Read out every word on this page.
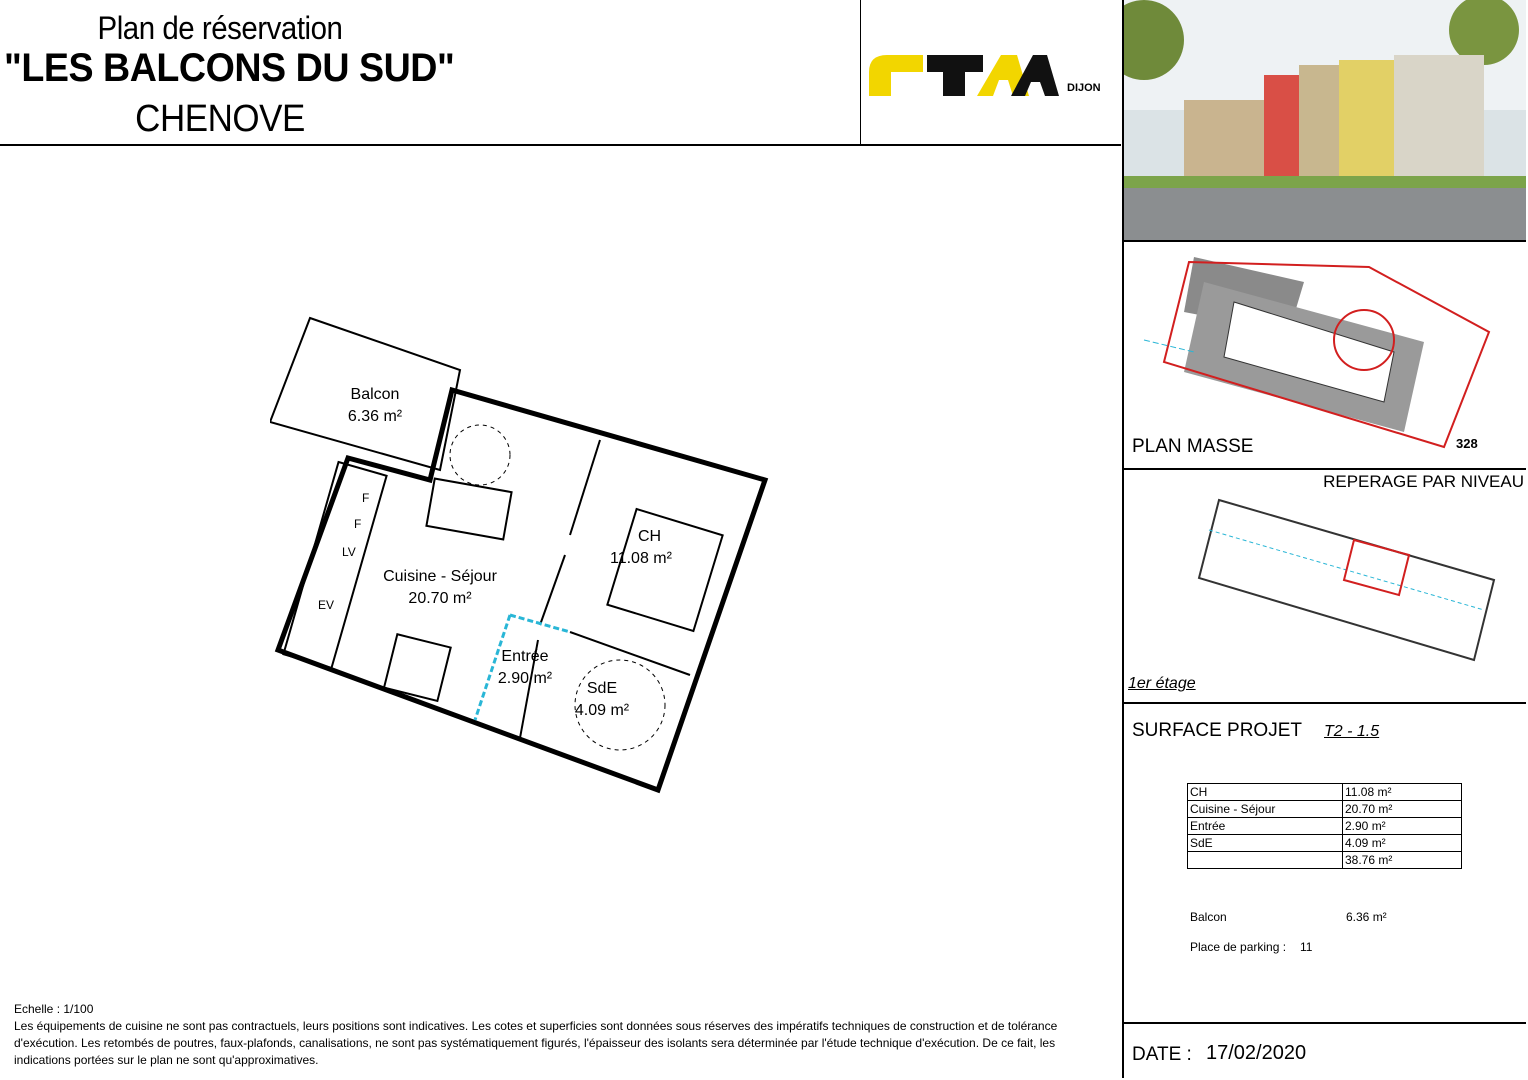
Plan de réservation
"LES BALCONS DU SUD"
CHENOVE
DIJON
Balcon
6.36 m²
Cuisine - Séjour
20.70 m²
CH
11.08 m²
Entrée
2.90 m²
SdE
4.09 m²
F
F
LV
EV
PLAN MASSE	328
REPERAGE PAR NIVEAU
1er étage
SURFACE PROJET T2 - 1.5
CH	11.08 m²
Cuisine - Séjour	20.70 m²
Entrée	2.90 m²
SdE	4.09 m²
	38.76 m²
Balcon	6.36 m²
Place de parking : 11
DATE : 17/02/2020
Echelle : 1/100
Les équipements de cuisine ne sont pas contractuels, leurs positions sont indicatives. Les cotes et superficies sont données sous réserves des impératifs techniques de construction et de tolérance d'exécution. Les retombés de poutres, faux-plafonds, canalisations, ne sont pas systématiquement figurés, l'épaisseur des isolants sera déterminée par l'étude technique d'exécution. De ce fait, les indications portées sur le plan ne sont qu'approximatives.
